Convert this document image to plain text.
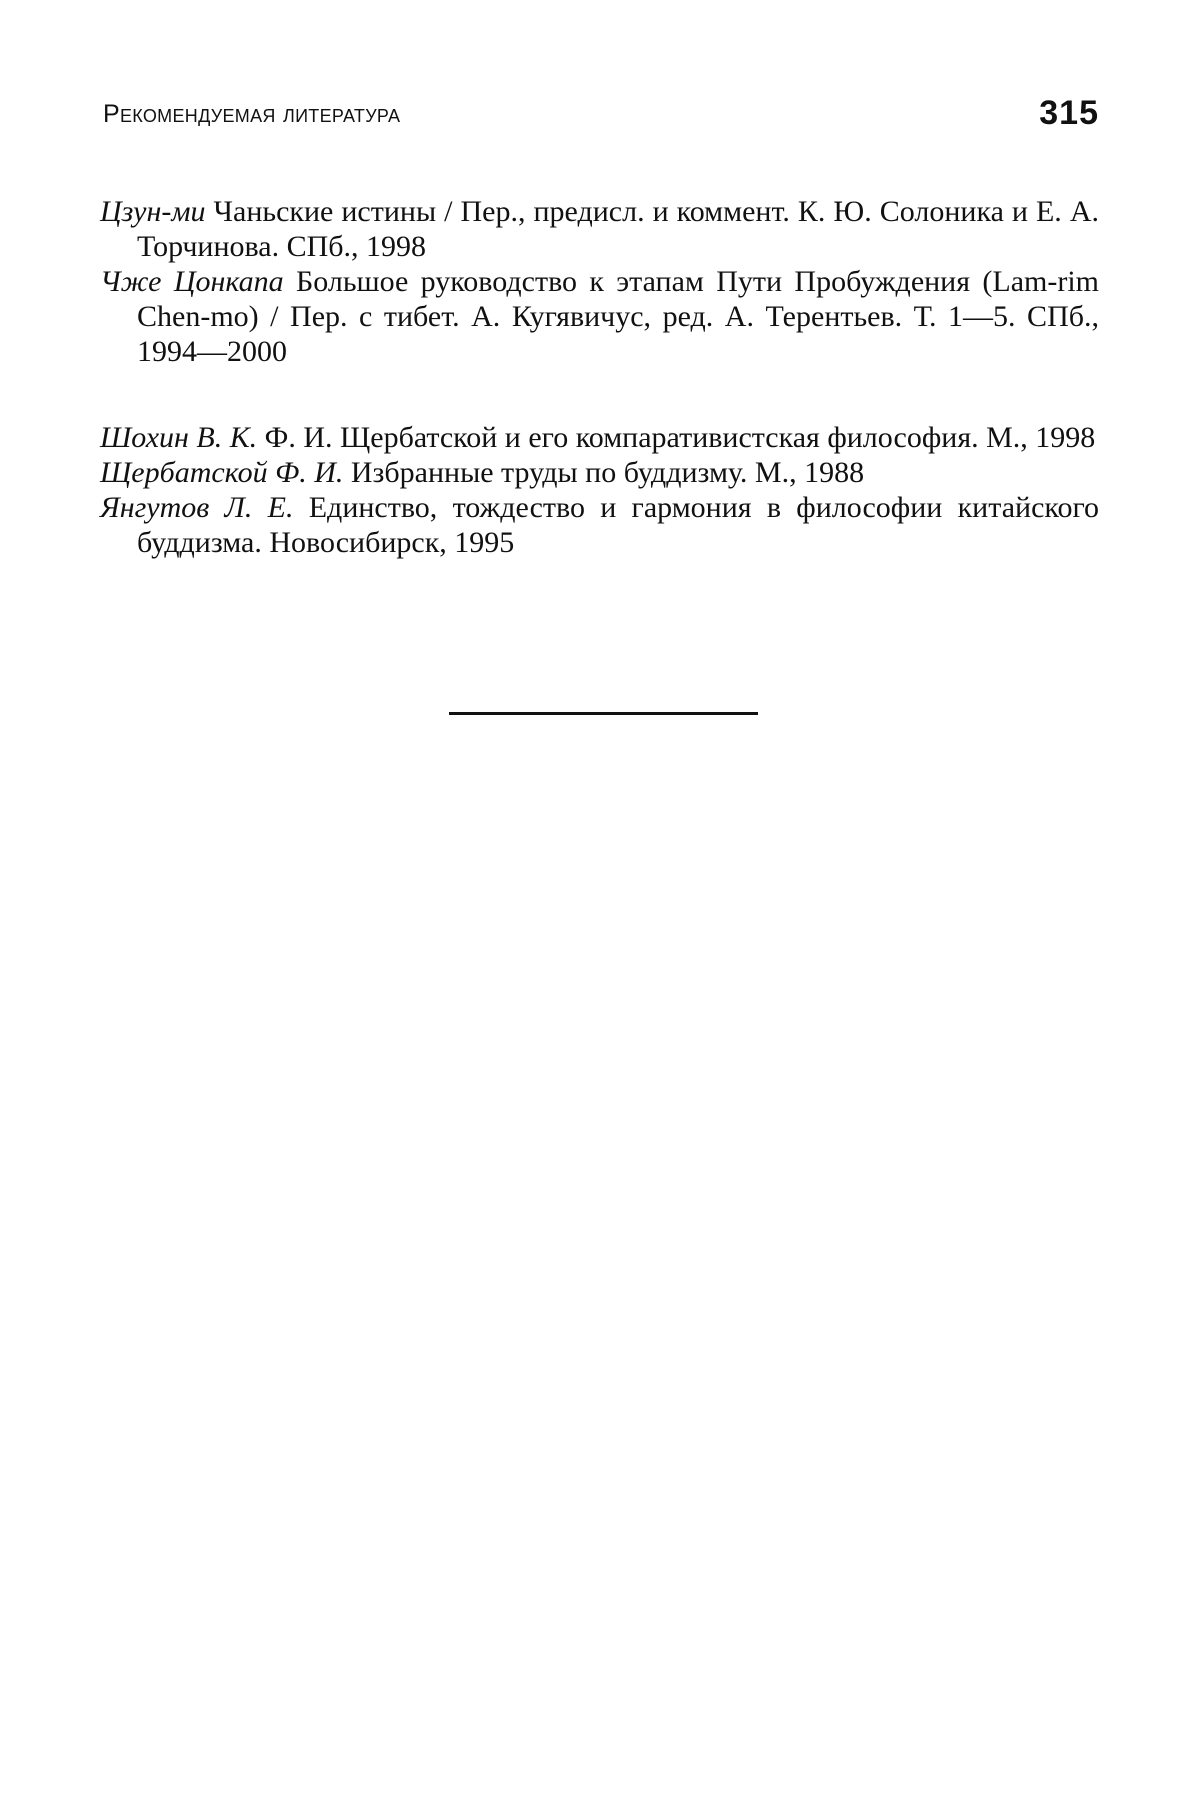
Рекомендуемая литература	315
Цзун-ми Чаньские истины / Пер., предисл. и коммент. К. Ю. Солоника и Е. А. Торчинова. СПб., 1998
Чже Цонкапа Большое руководство к этапам Пути Пробуждения (Lam-rim Chen-mo) / Пер. с тибет. А. Кугявичус, ред. А. Терентьев. Т. 1—5. СПб., 1994—2000
Шохин В. К. Ф. И. Щербатской и его компаративистская философия. М., 1998
Щербатской Ф. И. Избранные труды по буддизму. М., 1988
Янгутов Л. Е. Единство, тождество и гармония в философии китайского буддизма. Новосибирск, 1995
